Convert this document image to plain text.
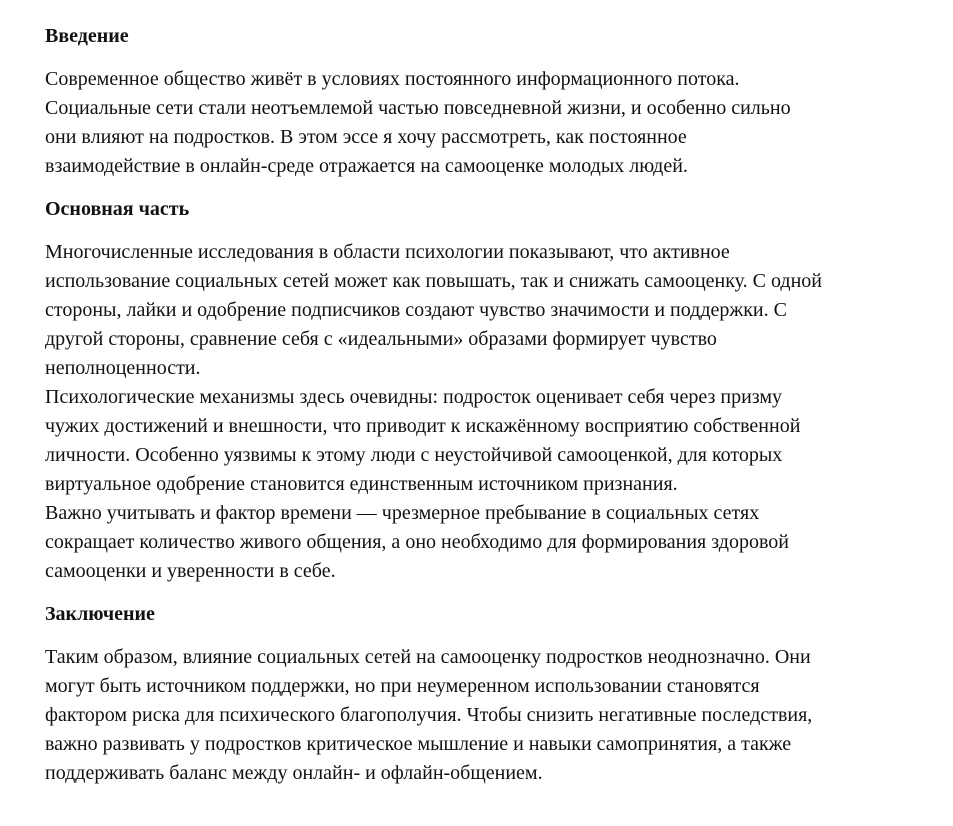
Введение

Современное общество живёт в условиях постоянного информационного потока.
Социальные сети стали неотъемлемой частью повседневной жизни, и особенно сильно
они влияют на подростков. В этом эссе я хочу рассмотреть, как постоянное
взаимодействие в онлайн-среде отражается на самооценке молодых людей.

Основная часть

Многочисленные исследования в области психологии показывают, что активное
использование социальных сетей может как повышать, так и снижать самооценку. С одной
стороны, лайки и одобрение подписчиков создают чувство значимости и поддержки. С
другой стороны, сравнение себя с «идеальными» образами формирует чувство
неполноценности.
Психологические механизмы здесь очевидны: подросток оценивает себя через призму
чужих достижений и внешности, что приводит к искажённому восприятию собственной
личности. Особенно уязвимы к этому люди с неустойчивой самооценкой, для которых
виртуальное одобрение становится единственным источником признания.
Важно учитывать и фактор времени — чрезмерное пребывание в социальных сетях
сокращает количество живого общения, а оно необходимо для формирования здоровой
самооценки и уверенности в себе.

Заключение

Таким образом, влияние социальных сетей на самооценку подростков неоднозначно. Они
могут быть источником поддержки, но при неумеренном использовании становятся
фактором риска для психического благополучия. Чтобы снизить негативные последствия,
важно развивать у подростков критическое мышление и навыки самопринятия, а также
поддерживать баланс между онлайн- и офлайн-общением.
